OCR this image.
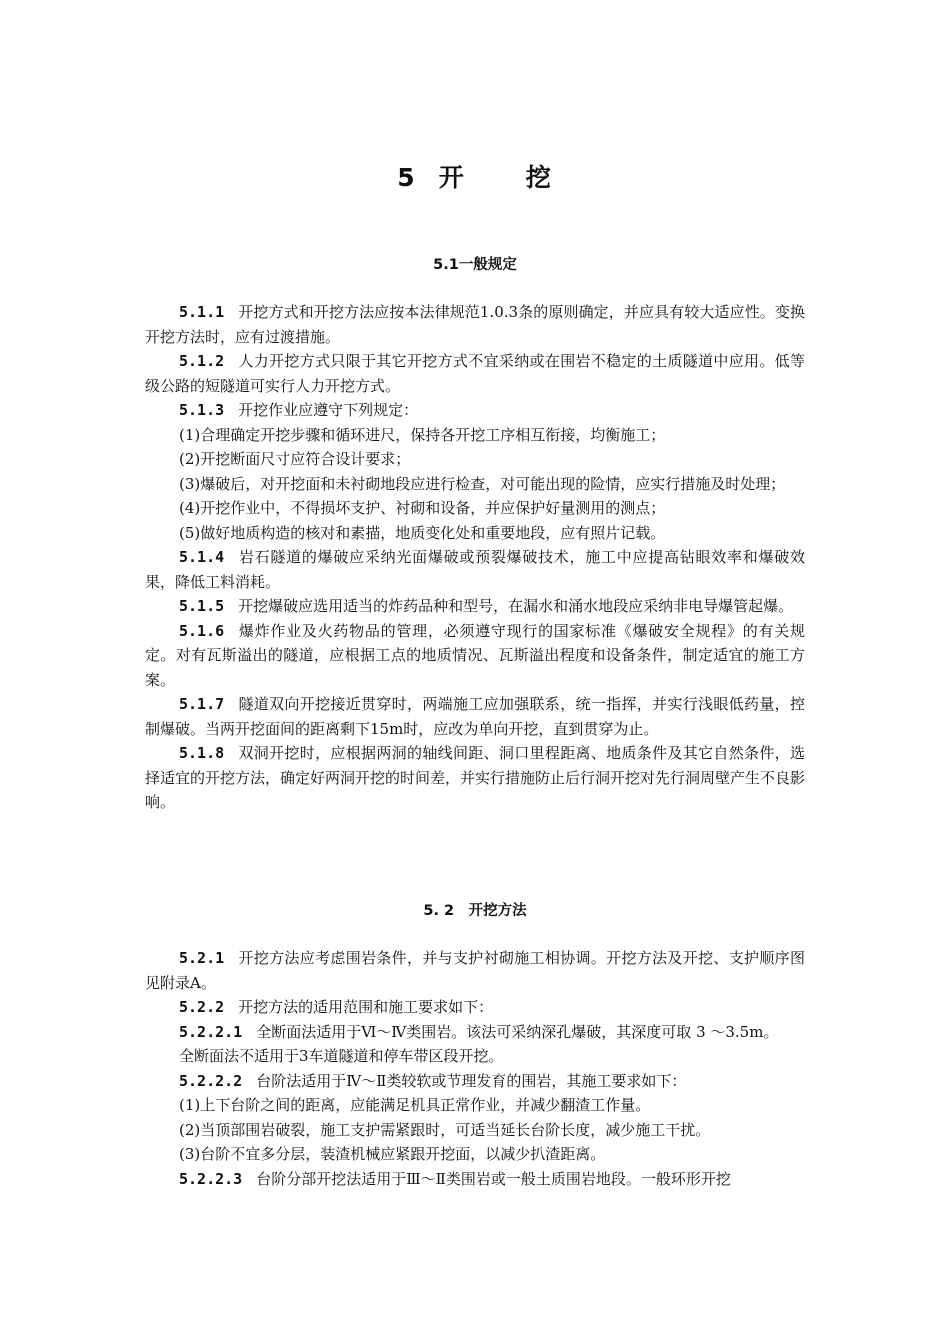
5 开 挖
5.1一般规定

5.1.1 开挖方式和开挖方法应按本法律规范1.0.3条的原则确定，并应具有较大适应性。变换开挖方法时，应有过渡措施。

5.1.2 人力开挖方式只限于其它开挖方式不宜采纳或在围岩不稳定的土质隧道中应用。低等级公路的短隧道可实行人力开挖方式。

5.1.3 开挖作业应遵守下列规定：

(1)合理确定开挖步骤和循环进尺，保持各开挖工序相互衔接，均衡施工；

(2)开挖断面尺寸应符合设计要求；

(3)爆破后，对开挖面和未衬砌地段应进行检查，对可能出现的险情，应实行措施及时处理；

(4)开挖作业中，不得损坏支护、衬砌和设备，并应保护好量测用的测点；

(5)做好地质构造的核对和素描，地质变化处和重要地段，应有照片记载。

5.1.4 岩石隧道的爆破应采纳光面爆破或预裂爆破技术，施工中应提高钻眼效率和爆破效果，降低工料消耗。

5.1.5 开挖爆破应选用适当的炸药品种和型号，在漏水和涌水地段应采纳非电导爆管起爆。

5.1.6 爆炸作业及火药物品的管理，必须遵守现行的国家标准《爆破安全规程》的有关规定。对有瓦斯溢出的隧道，应根据工点的地质情况、瓦斯溢出程度和设备条件，制定适宜的施工方案。

5.1.7 隧道双向开挖接近贯穿时，两端施工应加强联系，统一指挥，并实行浅眼低药量，控制爆破。当两开挖面间的距离剩下15m时，应改为单向开挖，直到贯穿为止。

5.1.8 双洞开挖时，应根据两洞的轴线间距、洞口里程距离、地质条件及其它自然条件，选择适宜的开挖方法，确定好两洞开挖的时间差，并实行措施防止后行洞开挖对先行洞周壁产生不良影响。

5. 2　开挖方法

5.2.1 开挖方法应考虑围岩条件，并与支护衬砌施工相协调。开挖方法及开挖、支护顺序图见附录A。

5.2.2 开挖方法的适用范围和施工要求如下：

5.2.2.1 全断面法适用于Ⅵ～Ⅳ类围岩。该法可采纳深孔爆破，其深度可取 3 ～3.5m。

全断面法不适用于3车道隧道和停车带区段开挖。

5.2.2.2 台阶法适用于Ⅳ～Ⅱ类较软或节理发育的围岩，其施工要求如下：

(1)上下台阶之间的距离，应能满足机具正常作业，并减少翻渣工作量。

(2)当顶部围岩破裂，施工支护需紧跟时，可适当延长台阶长度，减少施工干扰。

(3)台阶不宜多分层，装渣机械应紧跟开挖面，以减少扒渣距离。

5.2.2.3 台阶分部开挖法适用于Ⅲ～Ⅱ类围岩或一般土质围岩地段。一般环形开挖
